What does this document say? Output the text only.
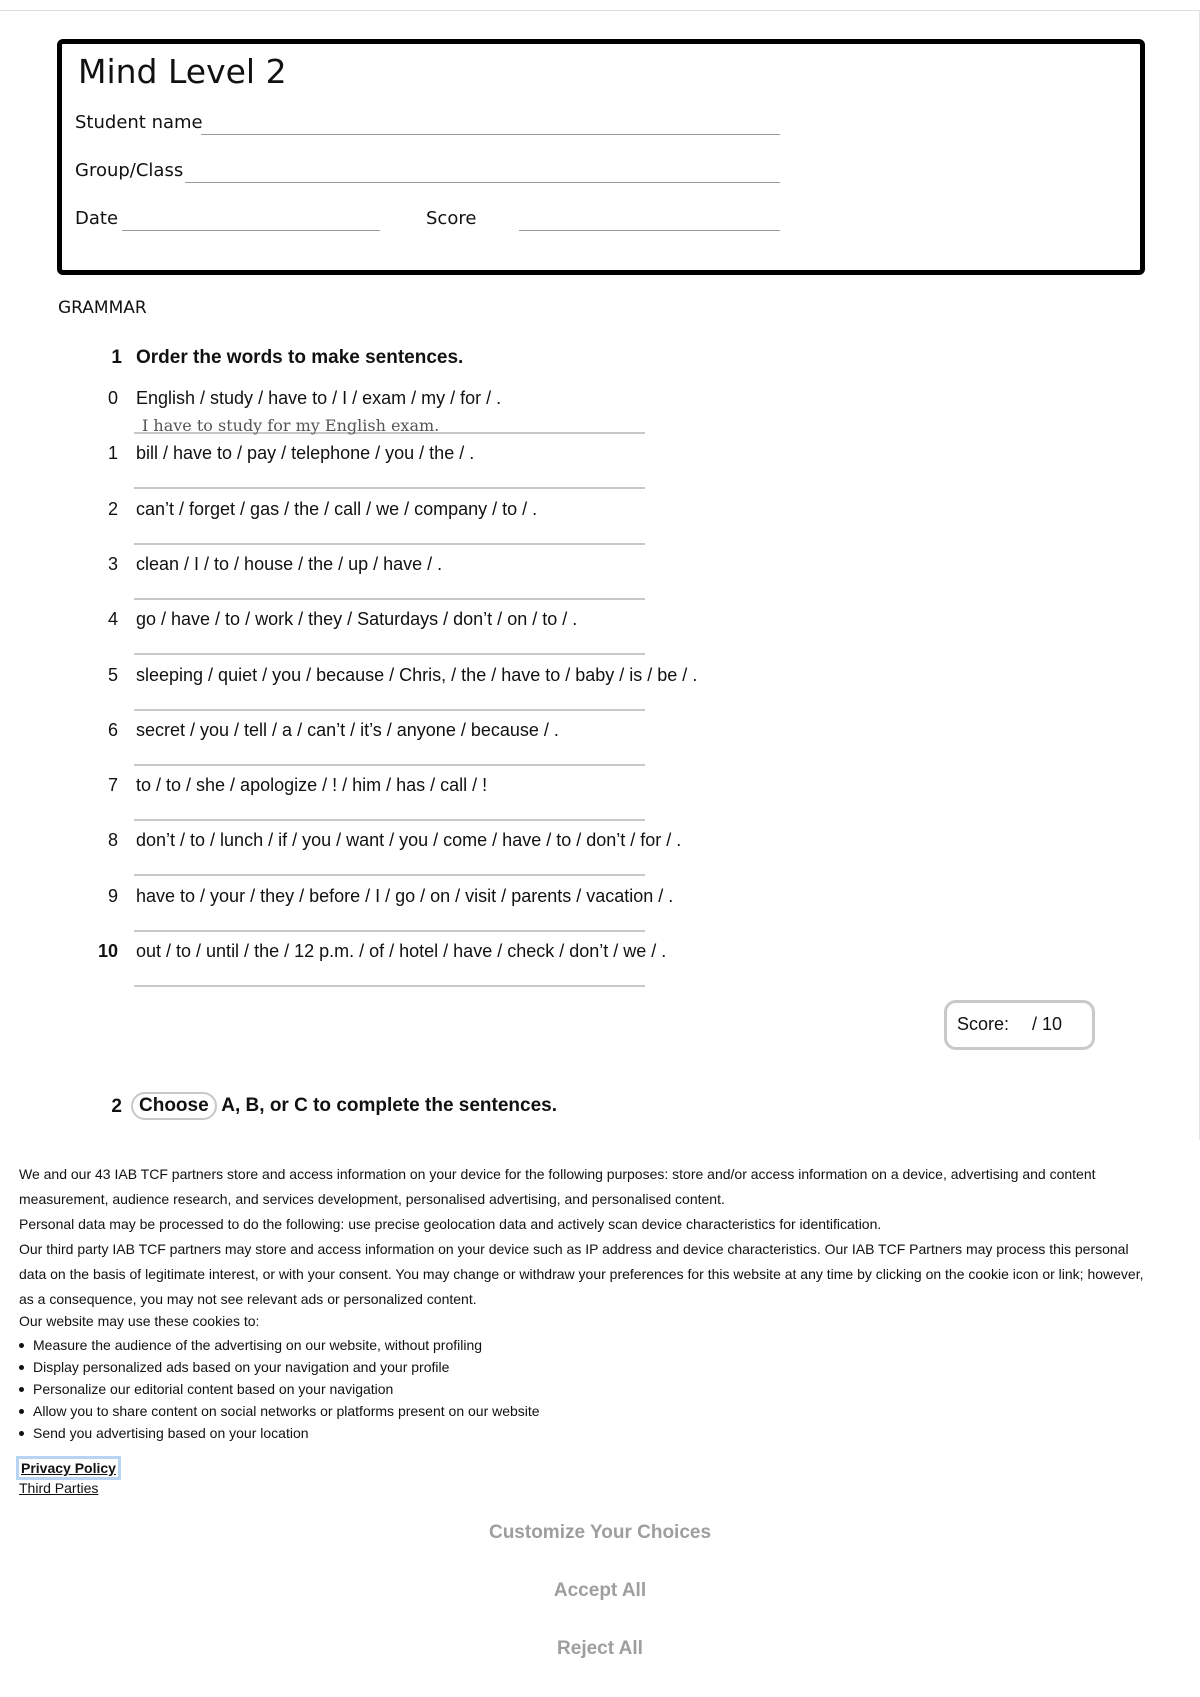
Mind Level 2
Student name
Group/Class
Date	Score
GRAMMAR
1 Order the words to make sentences.
0 English / study / have to / I / exam / my / for / .
1 bill / have to / pay / telephone / you / the / .
2 can’t / forget / gas / the / call / we / company / to / .
3 clean / I / to / house / the / up / have / .
4 go / have / to / work / they / Saturdays / don’t / on / to / .
5 sleeping / quiet / you / because / Chris, / the / have to / baby / is / be / .
6 secret / you / tell / a / can’t / it’s / anyone / because / .
7 to / to / she / apologize / ! / him / has / call / !
8 don’t / to / lunch / if / you / want / you / come / have / to / don’t / for / .
9 have to / your / they / before / I / go / on / visit / parents / vacation / .
10 out / to / until / the / 12 p.m. / of / hotel / have / check / don’t / we / .
I have to study for my English exam.
Score: / 10
2 Choose A, B, or C to complete the sentences.
We and our 43 IAB TCF partners store and access information on your device for the following purposes: store and/or access information on a device, advertising and content measurement, audience research, and services development, personalised advertising, and personalised content.
Personal data may be processed to do the following: use precise geolocation data and actively scan device characteristics for identification.
Our third party IAB TCF partners may store and access information on your device such as IP address and device characteristics. Our IAB TCF Partners may process this personal data on the basis of legitimate interest, or with your consent. You may change or withdraw your preferences for this website at any time by clicking on the cookie icon or link; however, as a consequence, you may not see relevant ads or personalized content.
Our website may use these cookies to:
Measure the audience of the advertising on our website, without profiling
Display personalized ads based on your navigation and your profile
Personalize our editorial content based on your navigation
Allow you to share content on social networks or platforms present on our website
Send you advertising based on your location
Privacy Policy
Third Parties
Customize Your Choices
Accept All
Reject All
